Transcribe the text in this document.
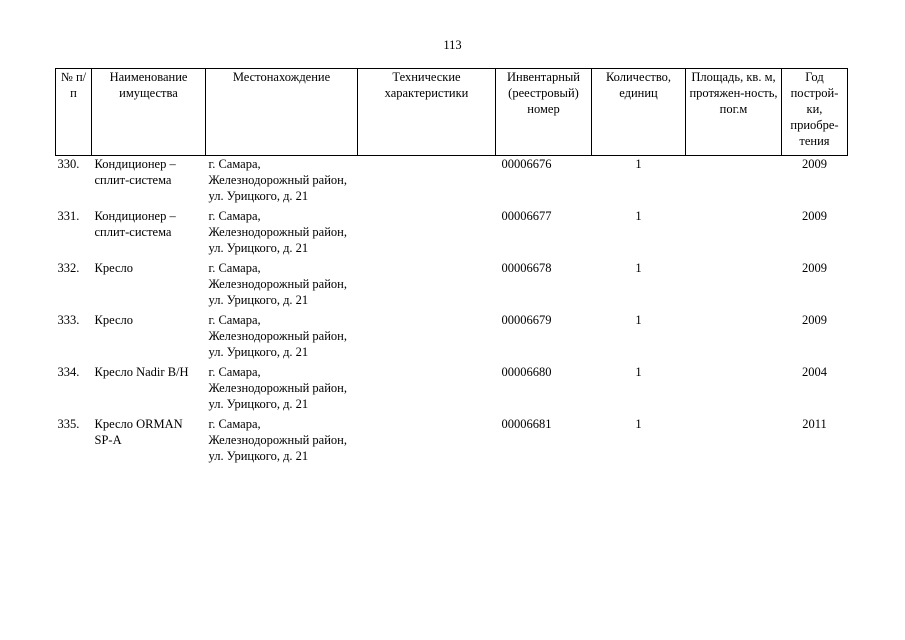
113
№ п/п	Наименование имущества	Местонахождение	Технические характеристики	Инвентарный (реестровый) номер	Количество, единиц	Площадь, кв. м, протяжен-ность, пог.м	Год построй-ки, приобре-тения
330.	Кондиционер – сплит-система	г. Самара, Железнодорожный район, ул. Урицкого, д. 21		00006676	1		2009
331.	Кондиционер – сплит-система	г. Самара, Железнодорожный район, ул. Урицкого, д. 21		00006677	1		2009
332.	Кресло	г. Самара, Железнодорожный район, ул. Урицкого, д. 21		00006678	1		2009
333.	Кресло	г. Самара, Железнодорожный район, ул. Урицкого, д. 21		00006679	1		2009
334.	Кресло Nadir B/H	г. Самара, Железнодорожный район, ул. Урицкого, д. 21		00006680	1		2004
335.	Кресло ORMAN SP-A	г. Самара, Железнодорожный район, ул. Урицкого, д. 21		00006681	1		2011
